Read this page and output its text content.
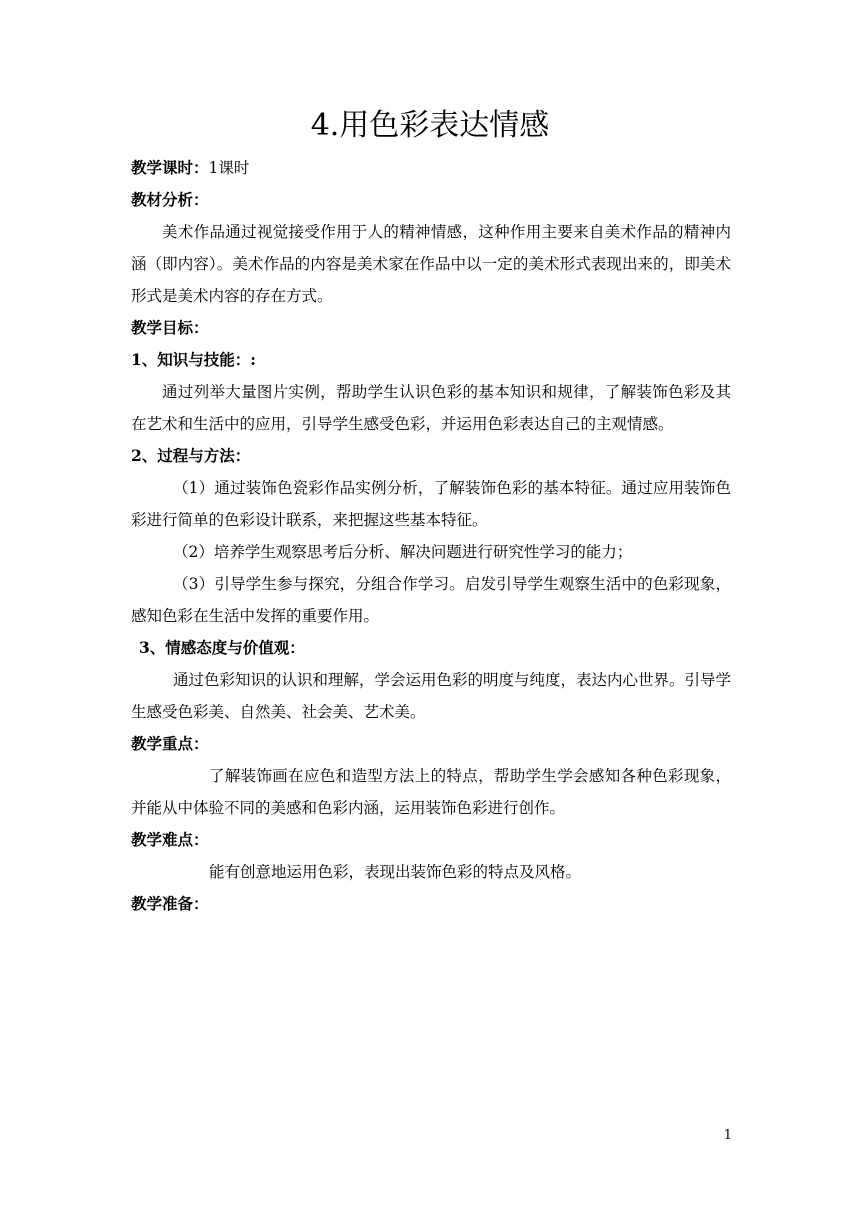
4.用色彩表达情感

教学课时：1课时

教材分析：

美术作品通过视觉接受作用于人的精神情感，这种作用主要来自美术作品的精神内涵（即内容）。美术作品的内容是美术家在作品中以一定的美术形式表现出来的，即美术形式是美术内容的存在方式。

教学目标：

1、知识与技能：:

通过列举大量图片实例，帮助学生认识色彩的基本知识和规律，了解装饰色彩及其在艺术和生活中的应用，引导学生感受色彩，并运用色彩表达自己的主观情感。

2、过程与方法：

（1）通过装饰色瓷彩作品实例分析，了解装饰色彩的基本特征。通过应用装饰色彩进行简单的色彩设计联系，来把握这些基本特征。

（2）培养学生观察思考后分析、解决问题进行研究性学习的能力；

（3）引导学生参与探究，分组合作学习。启发引导学生观察生活中的色彩现象， 感知色彩在生活中发挥的重要作用。

3、情感态度与价值观：

通过色彩知识的认识和理解，学会运用色彩的明度与纯度，表达内心世界。引导学生感受色彩美、自然美、社会美、艺术美。

教学重点：

了解装饰画在应色和造型方法上的特点，帮助学生学会感知各种色彩现象，并能从中体验不同的美感和色彩内涵，运用装饰色彩进行创作。

教学难点：

能有创意地运用色彩，表现出装饰色彩的特点及风格。

教学准备：

1
